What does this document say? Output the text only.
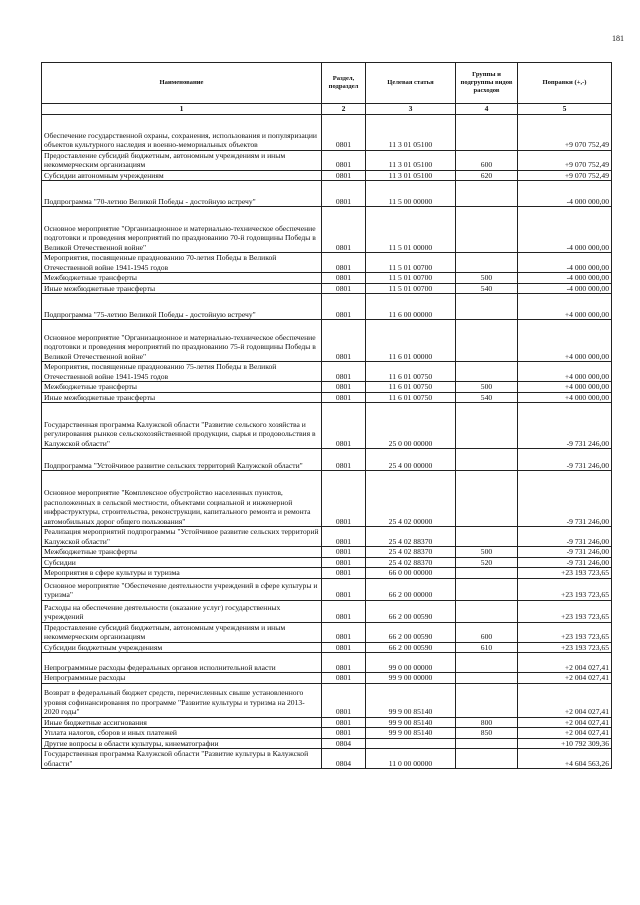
181
Наименование	Раздел, подраздел	Целевая статья	Группы и подгруппы видов расходов	Поправки (+,-)
1	2	3	4	5
Обеспечение государственной охраны, сохранения, использования и популяризации объектов культурного наследия и военно-мемориальных объектов	0801	11 3 01 05100		+9 070 752,49
Предоставление субсидий бюджетным, автономным учреждениям и иным некоммерческим организациям	0801	11 3 01 05100	600	+9 070 752,49
Субсидии автономным учреждениям	0801	11 3 01 05100	620	+9 070 752,49
Подпрограмма "70-летию Великой Победы - достойную встречу"	0801	11 5 00 00000		-4 000 000,00
Основное мероприятие "Организационное и материально-техническое обеспечение подготовки и проведения мероприятий по празднованию 70-й годовщины Победы в Великой Отечественной войне"	0801	11 5 01 00000		-4 000 000,00
Мероприятия, посвященные празднованию 70-летия Победы в Великой Отечественной войне 1941-1945 годов	0801	11 5 01 00700		-4 000 000,00
Межбюджетные трансферты	0801	11 5 01 00700	500	-4 000 000,00
Иные межбюджетные трансферты	0801	11 5 01 00700	540	-4 000 000,00
Подпрограмма "75-летию Великой Победы - достойную встречу"	0801	11 6 00 00000		+4 000 000,00
Основное мероприятие "Организационное и материально-техническое обеспечение подготовки и проведения мероприятий по празднованию 75-й годовщины Победы в Великой Отечественной войне"	0801	11 6 01 00000		+4 000 000,00
Мероприятия, посвященные празднованию 75-летия Победы в Великой Отечественной войне 1941-1945 годов	0801	11 6 01 00750		+4 000 000,00
Межбюджетные трансферты	0801	11 6 01 00750	500	+4 000 000,00
Иные межбюджетные трансферты	0801	11 6 01 00750	540	+4 000 000,00
Государственная программа Калужской области "Развитие сельского хозяйства и регулирования рынков сельскохозяйственной продукции, сырья и продовольствия в Калужской области"	0801	25 0 00 00000		-9 731 246,00
Подпрограмма "Устойчивое развитие сельских территорий Калужской области"	0801	25 4 00 00000		-9 731 246,00
Основное мероприятие "Комплексное обустройство населенных пунктов, расположенных в сельской местности, объектами социальной и инженерной инфраструктуры, строительства, реконструкции, капитального ремонта и ремонта автомобильных дорог общего пользования"	0801	25 4 02 00000		-9 731 246,00
Реализация мероприятий подпрограммы "Устойчивое развитие сельских территорий Калужской области"	0801	25 4 02 88370		-9 731 246,00
Межбюджетные трансферты	0801	25 4 02 88370	500	-9 731 246,00
Субсидии	0801	25 4 02 88370	520	-9 731 246,00
Мероприятия в сфере культуры и туризма	0801	66 0 00 00000		+23 193 723,65
Основное мероприятие "Обеспечение деятельности учреждений в сфере культуры и туризма"	0801	66 2 00 00000		+23 193 723,65
Расходы на обеспечение деятельности (оказание услуг) государственных учреждений	0801	66 2 00 00590		+23 193 723,65
Предоставление субсидий бюджетным, автономным учреждениям и иным некоммерческим организациям	0801	66 2 00 00590	600	+23 193 723,65
Субсидии бюджетным учреждениям	0801	66 2 00 00590	610	+23 193 723,65
Непрограммные расходы федеральных органов исполнительной власти	0801	99 0 00 00000		+2 004 027,41
Непрограммные расходы	0801	99 9 00 00000		+2 004 027,41
Возврат в федеральный бюджет средств, перечисленных свыше установленного уровня софинансирования по программе "Развитие культуры и туризма на 2013-2020 годы"	0801	99 9 00 85140		+2 004 027,41
Иные бюджетные ассигнования	0801	99 9 00 85140	800	+2 004 027,41
Уплата налогов, сборов и иных платежей	0801	99 9 00 85140	850	+2 004 027,41
Другие вопросы в области культуры, кинематографии	0804			+10 792 309,36
Государственная программа Калужской области "Развитие культуры в Калужской области"	0804	11 0 00 00000		+4 604 563,26
